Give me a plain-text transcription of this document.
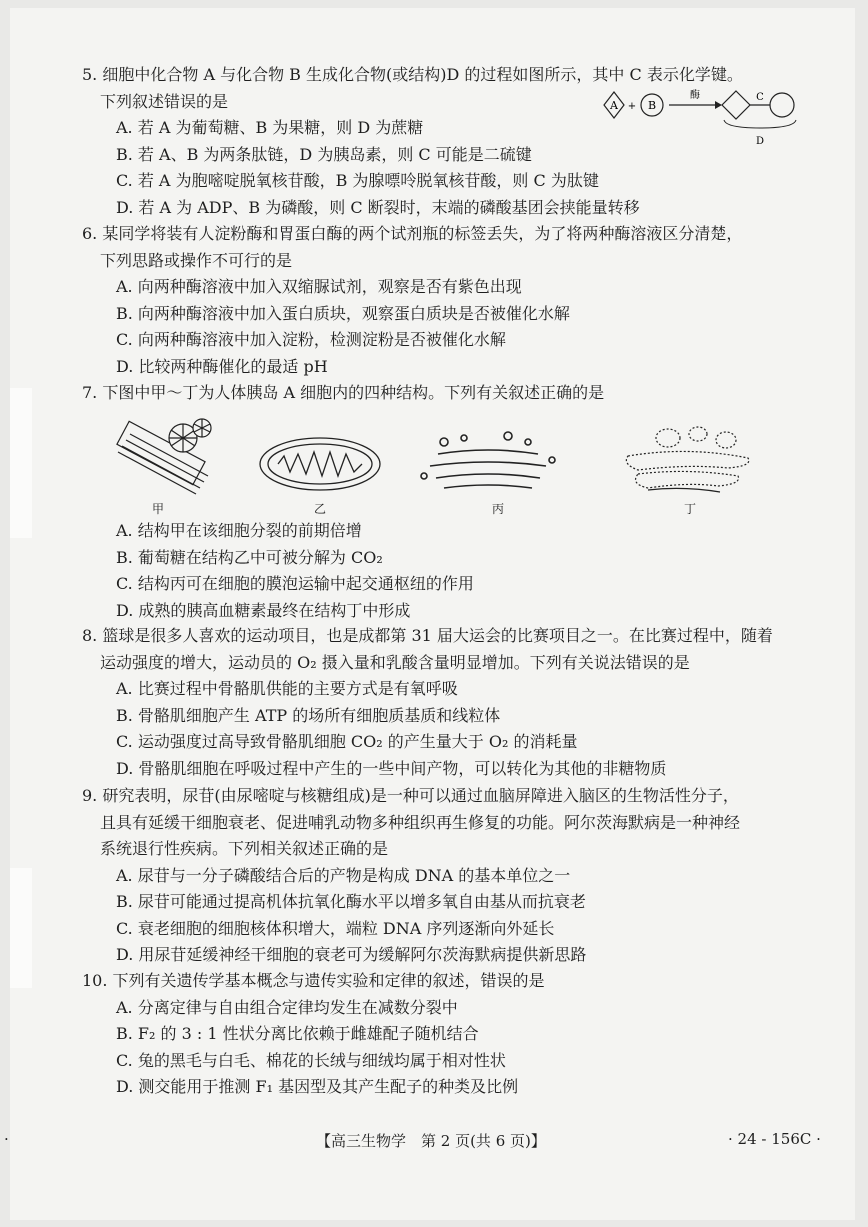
5. 细胞中化合物 A 与化合物 B 生成化合物(或结构)D 的过程如图所示，其中 C 表示化学键。
下列叙述错误的是
A. 若 A 为葡萄糖、B 为果糖，则 D 为蔗糖
B. 若 A、B 为两条肽链，D 为胰岛素，则 C 可能是二硫键
C. 若 A 为胞嘧啶脱氧核苷酸，B 为腺嘌呤脱氧核苷酸，则 C 为肽键
D. 若 A 为 ADP、B 为磷酸，则 C 断裂时，末端的磷酸基团会挟能量转移
A + B
酶	C
D
6. 某同学将装有人淀粉酶和胃蛋白酶的两个试剂瓶的标签丢失，为了将两种酶溶液区分清楚，
下列思路或操作不可行的是
A. 向两种酶溶液中加入双缩脲试剂，观察是否有紫色出现
B. 向两种酶溶液中加入蛋白质块，观察蛋白质块是否被催化水解
C. 向两种酶溶液中加入淀粉，检测淀粉是否被催化水解
D. 比较两种酶催化的最适 pH
7. 下图中甲～丁为人体胰岛 A 细胞内的四种结构。下列有关叙述正确的是
甲	乙	丙	丁
A. 结构甲在该细胞分裂的前期倍增
B. 葡萄糖在结构乙中可被分解为 CO₂
C. 结构丙可在细胞的膜泡运输中起交通枢纽的作用
D. 成熟的胰高血糖素最终在结构丁中形成
8. 篮球是很多人喜欢的运动项目，也是成都第 31 届大运会的比赛项目之一。在比赛过程中，随着
运动强度的增大，运动员的 O₂ 摄入量和乳酸含量明显增加。下列有关说法错误的是
A. 比赛过程中骨骼肌供能的主要方式是有氧呼吸
B. 骨骼肌细胞产生 ATP 的场所有细胞质基质和线粒体
C. 运动强度过高导致骨骼肌细胞 CO₂ 的产生量大于 O₂ 的消耗量
D. 骨骼肌细胞在呼吸过程中产生的一些中间产物，可以转化为其他的非糖物质
9. 研究表明，尿苷(由尿嘧啶与核糖组成)是一种可以通过血脑屏障进入脑区的生物活性分子，
且具有延缓干细胞衰老、促进哺乳动物多种组织再生修复的功能。阿尔茨海默病是一种神经
系统退行性疾病。下列相关叙述正确的是
A. 尿苷与一分子磷酸结合后的产物是构成 DNA 的基本单位之一
B. 尿苷可能通过提高机体抗氧化酶水平以增多氧自由基从而抗衰老
C. 衰老细胞的细胞核体积增大，端粒 DNA 序列逐渐向外延长
D. 用尿苷延缓神经干细胞的衰老可为缓解阿尔茨海默病提供新思路
10. 下列有关遗传学基本概念与遗传实验和定律的叙述，错误的是
A. 分离定律与自由组合定律均发生在减数分裂中
B. F₂ 的 3 : 1 性状分离比依赖于雌雄配子随机结合
C. 兔的黑毛与白毛、棉花的长绒与细绒均属于相对性状
D. 测交能用于推测 F₁ 基因型及其产生配子的种类及比例
·	【高三生物学　第 2 页(共 6 页)】	· 24 - 156C ·
